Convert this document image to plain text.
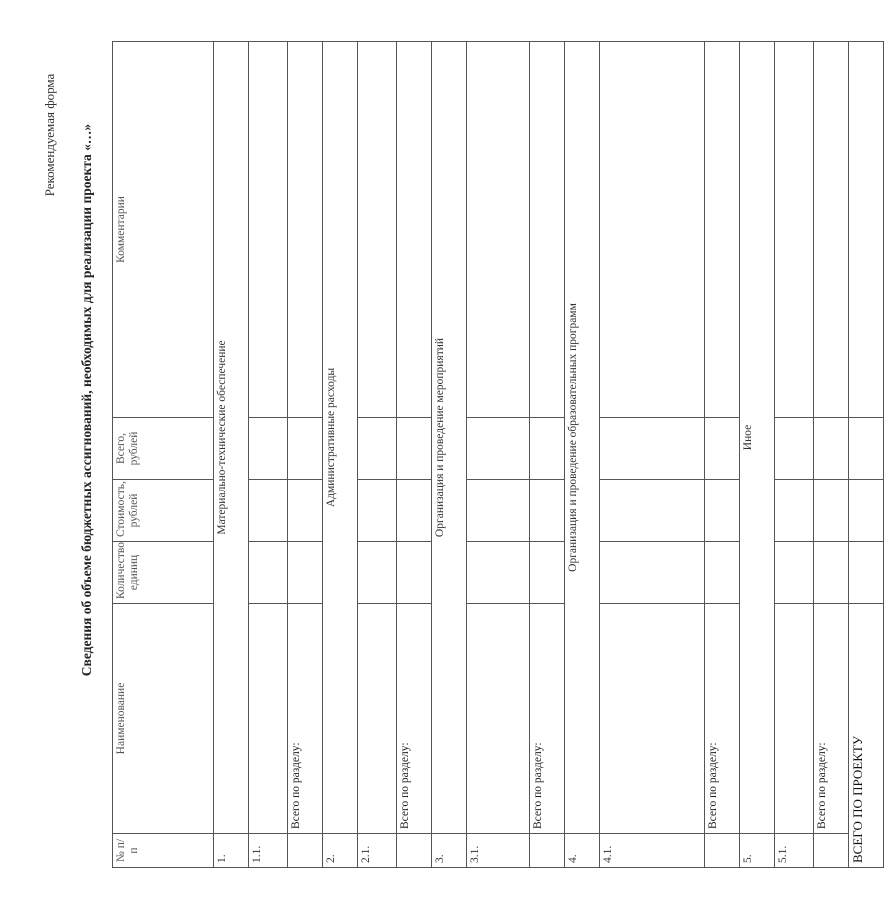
Рекомендуемая форма Сведения об объеме бюджетных ассигнований, необходимых для реализации проекта «…»
№ п/п	Наименование	Количество единиц	Стоимость, рублей	Всего, рублей	Комментарии
1.	Материально-технические обеспечение				
1.1.					
	Всего по разделу:				
2.	Административные расходы				
2.1.					
	Всего по разделу:				
3.	Организация и проведение мероприятий				
3.1.					
	Всего по разделу:				
4.	Организация и проведение образовательных программ				
4.1.					
	Всего по разделу:				
5.	Иное				
5.1.					
	Всего по разделу:				
ВСЕГО ПО ПРОЕКТУ					
